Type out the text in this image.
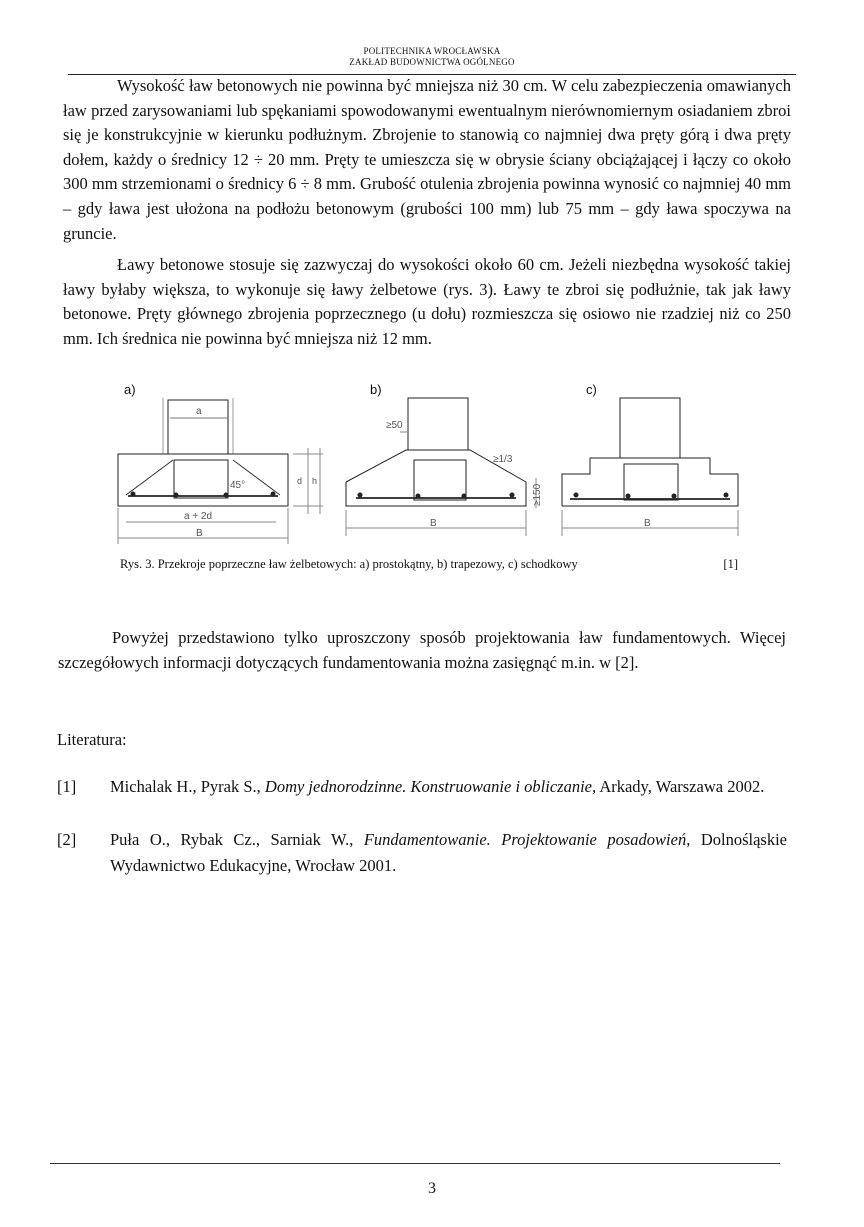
POLITECHNIKA WROCŁAWSKA
ZAKŁAD BUDOWNICTWA OGÓLNEGO
Wysokość ław betonowych nie powinna być mniejsza niż 30 cm. W celu zabezpieczenia omawianych ław przed zarysowaniami lub spękaniami spowodowanymi ewentualnym nierównomiernym osiadaniem zbroi się je konstrukcyjnie w kierunku podłużnym. Zbrojenie to stanowią co najmniej dwa pręty górą i dwa pręty dołem, każdy o średnicy 12 ÷ 20 mm. Pręty te umieszcza się w obrysie ściany obciążającej i łączy co około 300 mm strzemionami o średnicy 6 ÷ 8 mm. Grubość otulenia zbrojenia powinna wynosić co najmniej 40 mm – gdy ława jest ułożona na podłożu betonowym (grubości 100 mm) lub 75 mm – gdy ława spoczywa na gruncie.
Ławy betonowe stosuje się zazwyczaj do wysokości około 60 cm. Jeżeli niezbędna wysokość takiej ławy byłaby większa, to wykonuje się ławy żelbetowe (rys. 3). Ławy te zbroi się podłużnie, tak jak ławy betonowe. Pręty głównego zbrojenia poprzecznego (u dołu) rozmieszcza się osiowo nie rzadziej niż co 250 mm. Ich średnica nie powinna być mniejsza niż 12 mm.
a)
a
45°	d h
a + 2d
B
b)
≥50
≥1/3
≥150
B
c)
B
Rys. 3. Przekroje poprzeczne ław żelbetowych: a) prostokątny, b) trapezowy, c) schodkowy	[1]
Powyżej przedstawiono tylko uproszczony sposób projektowania ław fundamentowych. Więcej szczegółowych informacji dotyczących fundamentowania można zasięgnąć m.in. w [2].
Literatura:
[1] Michalak H., Pyrak S., Domy jednorodzinne. Konstruowanie i obliczanie, Arkady, Warszawa 2002.
[2] Puła O., Rybak Cz., Sarniak W., Fundamentowanie. Projektowanie posadowień, Dolnośląskie Wydawnictwo Edukacyjne, Wrocław 2001.
3
